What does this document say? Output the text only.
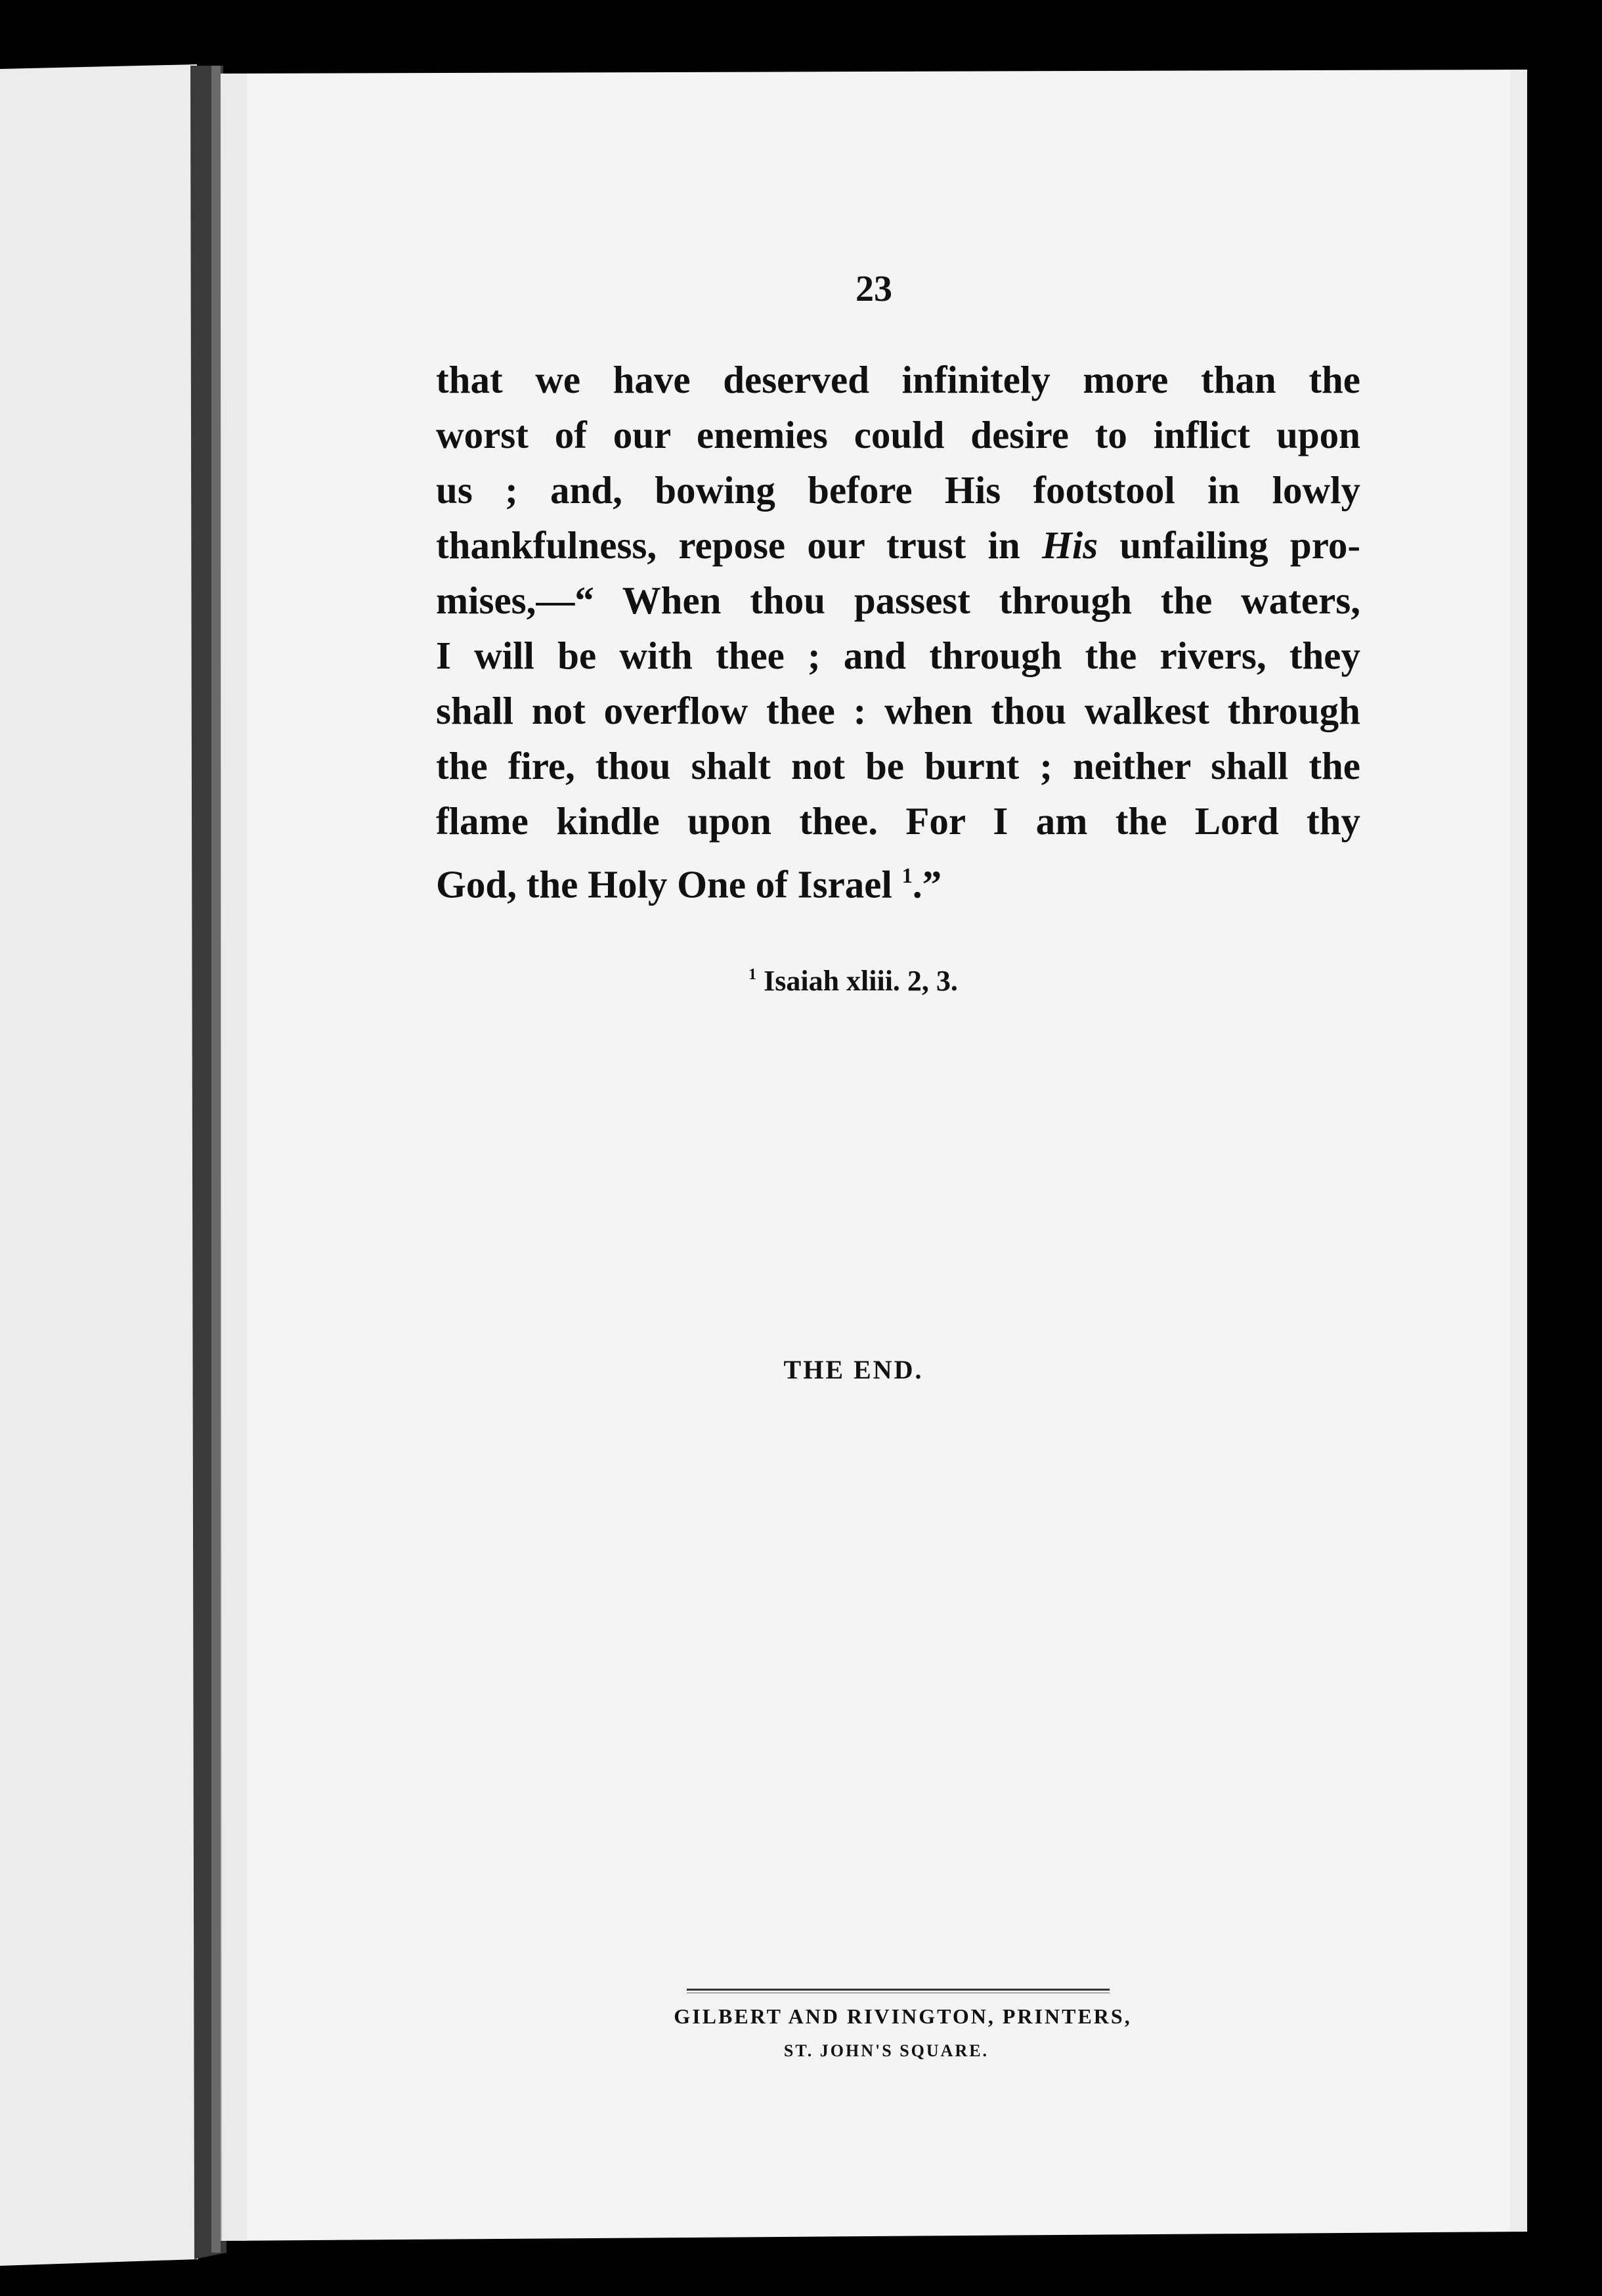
23
that we have deserved infinitely more than the
worst of our enemies could desire to inflict upon
us ; and, bowing before His footstool in lowly
thankfulness, repose our trust in His unfailing pro-
mises,—“ When thou passest through the waters,
I will be with thee ; and through the rivers, they
shall not overflow thee : when thou walkest through
the fire, thou shalt not be burnt ; neither shall the
flame kindle upon thee. For I am the Lord thy
God, the Holy One of Israel $^1$.”
$^1$ Isaiah xliii. 2, 3.
THE END.
GILBERT AND RIVINGTON, PRINTERS,
ST. JOHN'S SQUARE.
